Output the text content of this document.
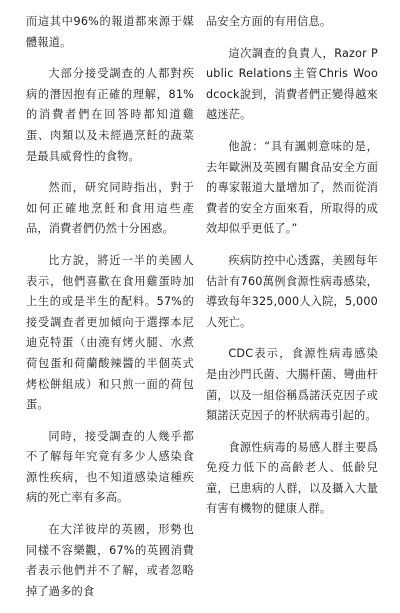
而這其中96%的報道都來源于媒體報道。

大部分接受調查的人都對疾病的潛因抱有正確的理解，81%的消費者們在回答時都知道雞蛋、肉類以及未經過烹飪的蔬菜是最具威脅性的食物。

然而，研究同時指出，對于如何正確地烹飪和食用這些產品，消費者們仍然十分困惑。

比方說，將近一半的美國人表示，他們喜歡在食用雞蛋時加上生的或是半生的配料。57%的接受調查者更加傾向于選擇本尼迪克特蛋（由澆有烤火腿、水煮荷包蛋和荷蘭酸辣醬的半個英式烤松餅組成）和只煎一面的荷包蛋。

同時，接受調查的人幾乎都不了解每年究竟有多少人感染食源性疾病，也不知道感染這種疾病的死亡率有多高。

在大洋彼岸的英國，形勢也同樣不容樂觀，67%的英國消費者表示他們并不了解，或者忽略掉了過多的食

品安全方面的有用信息。

這次調查的負責人，Razor Public Relations主管Chris Woodcock說到，消費者們正變得越來越迷茫。

他說：“具有諷刺意味的是，去年歐洲及英國有關食品安全方面的專家報道大量增加了，然而從消費者的安全方面來看，所取得的成效却似乎更低了。”

疾病防控中心透露，美國每年估計有760萬例食源性病毒感染，導致每年325,000人入院，5,000人死亡。

CDC表示，食源性病毒感染是由沙門氏菌、大腸杆菌、彎曲杆菌，以及一組俗稱爲諾沃克因子或類諾沃克因子的杯狀病毒引起的。

食源性病毒的易感人群主要爲免疫力低下的高齡老人、低齡兒童，已患病的人群，以及攝入大量有害有機物的健康人群。
